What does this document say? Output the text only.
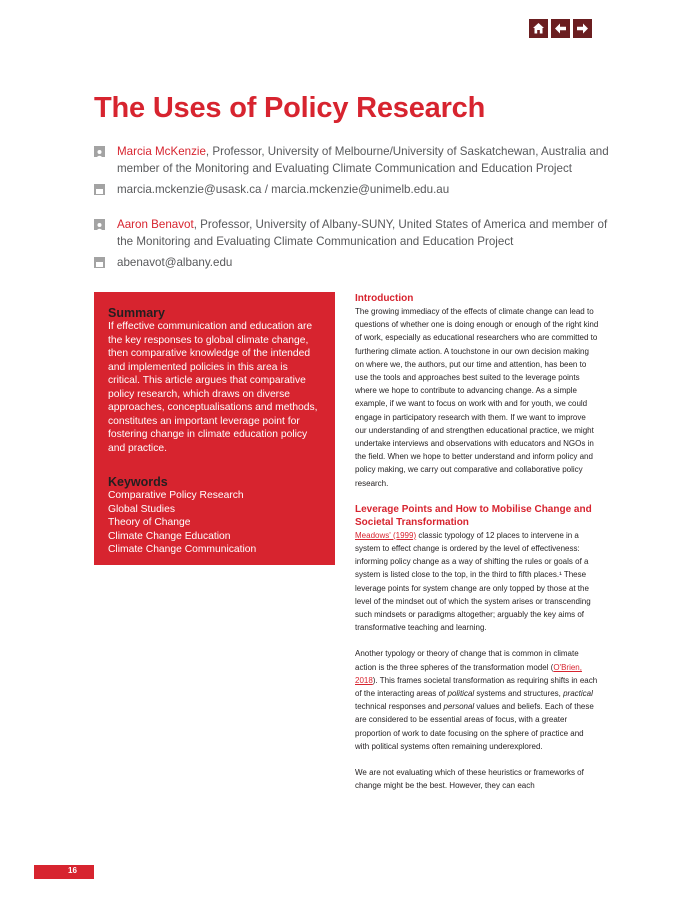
The Uses of Policy Research
Marcia McKenzie, Professor, University of Melbourne/University of Saskatchewan, Australia and member of the Monitoring and Evaluating Climate Communication and Education Project
marcia.mckenzie@usask.ca / marcia.mckenzie@unimelb.edu.au
Aaron Benavot, Professor, University of Albany-SUNY, United States of America and member of the Monitoring and Evaluating Climate Communication and Education Project
abenavot@albany.edu
Summary

If effective communication and education are the key responses to global climate change, then comparative knowledge of the intended and implemented policies in this area is critical. This article argues that comparative policy research, which draws on diverse approaches, conceptualisations and methods, constitutes an important leverage point for fostering change in climate education policy and practice.

Keywords
Comparative Policy Research
Global Studies
Theory of Change
Climate Change Education
Climate Change Communication
Introduction

The growing immediacy of the effects of climate change can lead to questions of whether one is doing enough or enough of the right kind of work, especially as educational researchers who are committed to furthering climate action. A touchstone in our own decision making on where we, the authors, put our time and attention, has been to use the tools and approaches best suited to the leverage points where we hope to contribute to advancing change. As a simple example, if we want to focus on work with and for youth, we could engage in participatory research with them. If we want to improve our understanding of and strengthen educational practice, we might undertake interviews and observations with educators and NGOs in the field. When we hope to better understand and inform policy and policy making, we carry out comparative and collaborative policy research.

Leverage Points and How to Mobilise Change and Societal Transformation

Meadows' (1999) classic typology of 12 places to intervene in a system to effect change is ordered by the level of effectiveness: informing policy change as a way of shifting the rules or goals of a system is listed close to the top, in the third to fifth places.¹ These leverage points for system change are only topped by those at the level of the mindset out of which the system arises or transcending such mindsets or paradigms altogether; arguably the key aims of transformative teaching and learning.

Another typology or theory of change that is common in climate action is the three spheres of the transformation model (O'Brien, 2018). This frames societal transformation as requiring shifts in each of the interacting areas of political systems and structures, practical technical responses and personal values and beliefs. Each of these are considered to be essential areas of focus, with a greater proportion of work to date focusing on the sphere of practice and with political systems often remaining underexplored.

We are not evaluating which of these heuristics or frameworks of change might be the best. However, they can each

16
